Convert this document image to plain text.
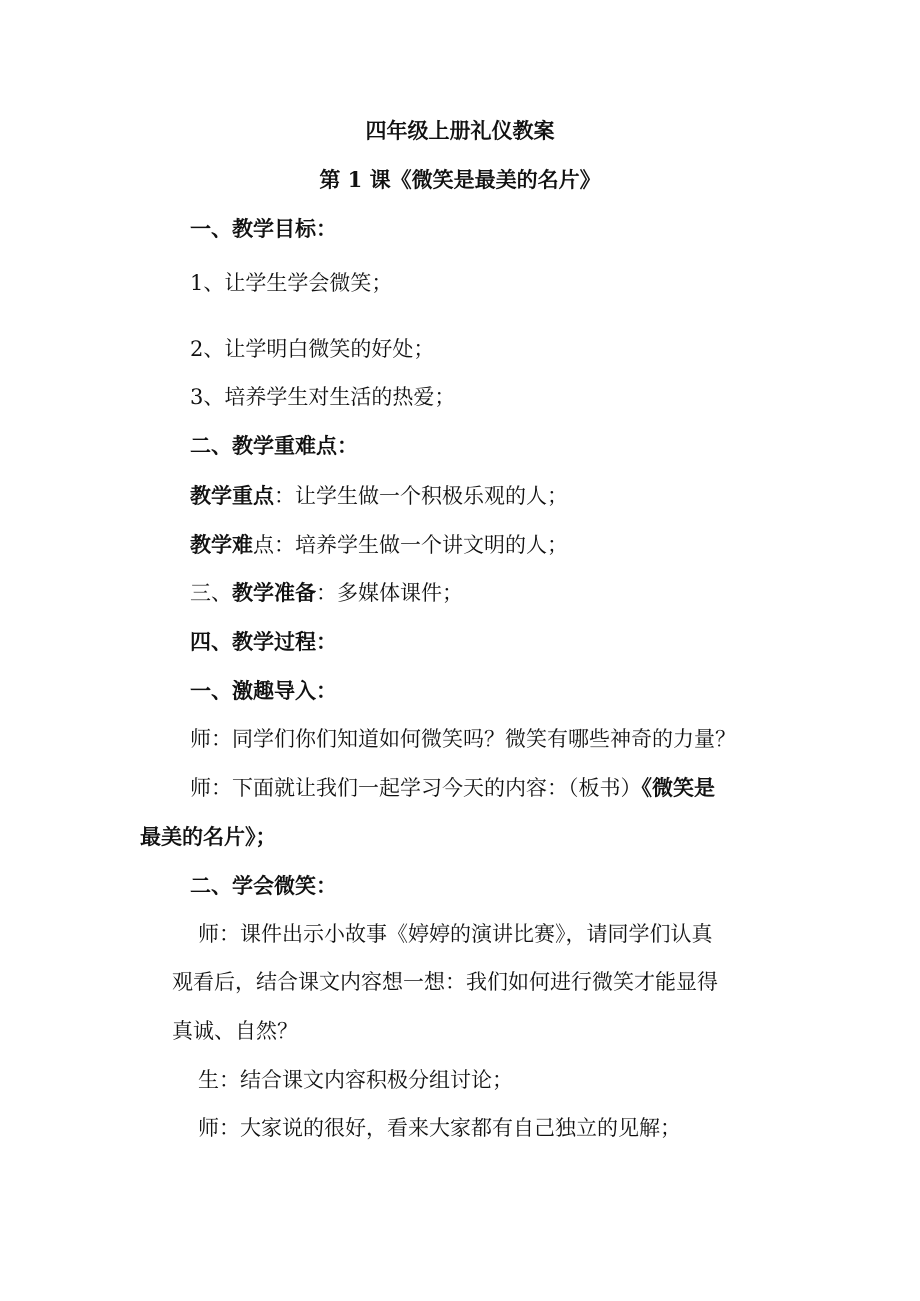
四年级上册礼仪教案
第 1 课《微笑是最美的名片》
一、教学目标：
1、让学生学会微笑；
2、让学明白微笑的好处；
3、培养学生对生活的热爱；
二、教学重难点：
教学重点：让学生做一个积极乐观的人；
教学难点：培养学生做一个讲文明的人；
三、教学准备：多媒体课件；
四、教学过程：
一、激趣导入：
师：同学们你们知道如何微笑吗？微笑有哪些神奇的力量？
师：下面就让我们一起学习今天的内容：（板书）《微笑是
最美的名片》；
二、学会微笑：
师：课件出示小故事《婷婷的演讲比赛》，请同学们认真
观看后，结合课文内容想一想：我们如何进行微笑才能显得
真诚、自然？
生：结合课文内容积极分组讨论；
师：大家说的很好，看来大家都有自己独立的见解；
